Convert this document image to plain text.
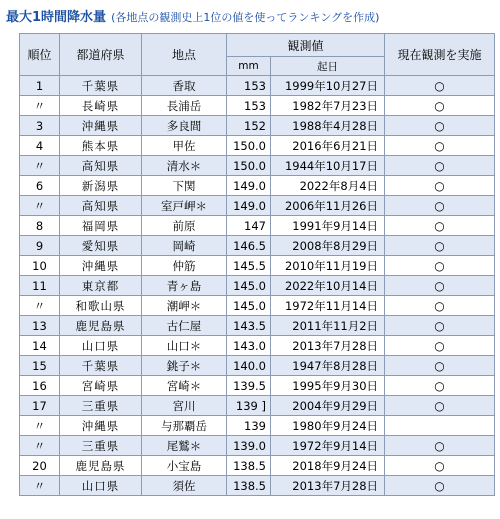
最大1時間降水量 (各地点の観測史上1位の値を使ってランキングを作成)
順位	都道府県	地点	観測値		現在観測を実施
			mm	起日	
1	千葉県	香取	153	1999年10月27日	○
〃	長崎県	長浦岳	153	1982年7月23日	○
3	沖縄県	多良間	152	1988年4月28日	○
4	熊本県	甲佐	150.0	2016年6月21日	○
〃	高知県	清水＊	150.0	1944年10月17日	○
6	新潟県	下関	149.0	2022年8月4日	○
〃	高知県	室戸岬＊	149.0	2006年11月26日	○
8	福岡県	前原	147	1991年9月14日	○
9	愛知県	岡崎	146.5	2008年8月29日	○
10	沖縄県	仲筋	145.5	2010年11月19日	○
11	東京都	青ヶ島	145.0	2022年10月14日	○
〃	和歌山県	潮岬＊	145.0	1972年11月14日	○
13	鹿児島県	古仁屋	143.5	2011年11月2日	○
14	山口県	山口＊	143.0	2013年7月28日	○
15	千葉県	銚子＊	140.0	1947年8月28日	○
16	宮崎県	宮崎＊	139.5	1995年9月30日	○
17	三重県	宮川	139 ]	2004年9月29日	○
〃	沖縄県	与那覇岳	139	1980年9月24日	
〃	三重県	尾鷲＊	139.0	1972年9月14日	○
20	鹿児島県	小宝島	138.5	2018年9月24日	○
〃	山口県	須佐	138.5	2013年7月28日	○
